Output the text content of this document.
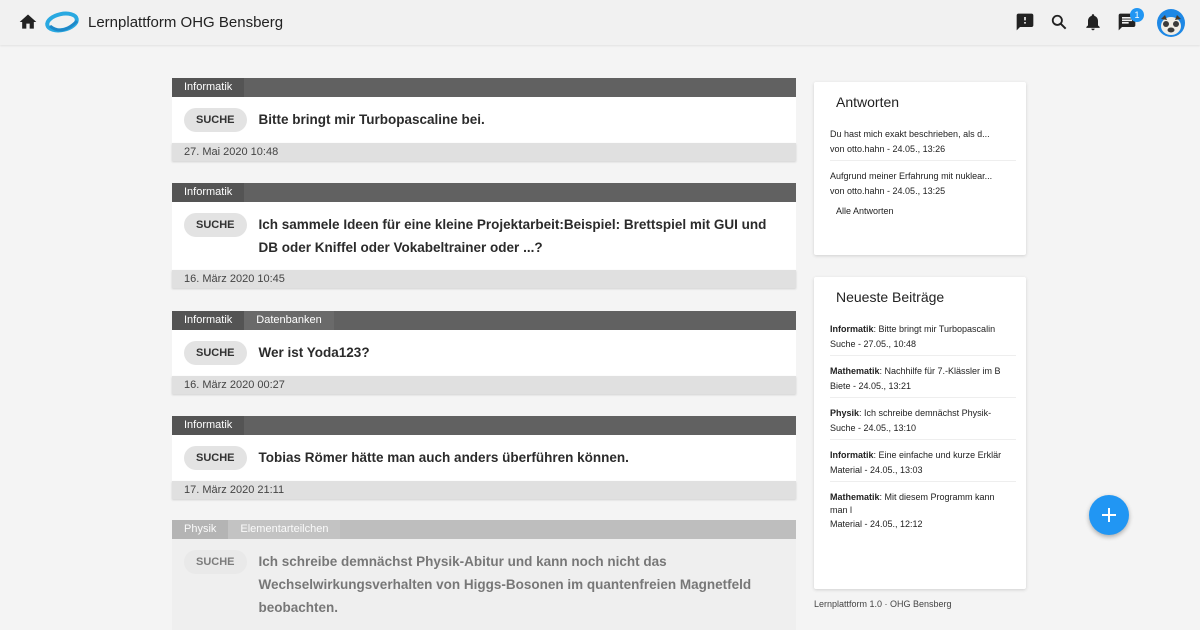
Lernplattform OHG Bensberg	1
Informatik
SUCHE	Bitte bringt mir Turbopascaline bei.
27. Mai 2020 10:48
Informatik
SUCHE	Ich sammele Ideen für eine kleine Projektarbeit:Beispiel: Brettspiel mit GUI und DB oder Kniffel oder Vokabeltrainer oder ...?
16. März 2020 10:45
Informatik	Datenbanken
SUCHE	Wer ist Yoda123?
16. März 2020 00:27
Informatik
SUCHE	Tobias Römer hätte man auch anders überführen können.
17. März 2020 21:11
Physik	Elementarteilchen
SUCHE	Ich schreibe demnächst Physik-Abitur und kann noch nicht das Wechselwirkungsverhalten von Higgs-Bosonen im quantenfreien Magnetfeld beobachten.
Antworten
Du hast mich exakt beschrieben, als d...
von otto.hahn - 24.05., 13:26
Aufgrund meiner Erfahrung mit nuklear...
von otto.hahn - 24.05., 13:25
Alle Antworten
Neueste Beiträge
Informatik: Bitte bringt mir Turbopascalin
Suche - 27.05., 10:48
Mathematik: Nachhilfe für 7.-Klässler im B
Biete - 24.05., 13:21
Physik: Ich schreibe demnächst Physik-
Suche - 24.05., 13:10
Informatik: Eine einfache und kurze Erklär
Material - 24.05., 13:03
Mathematik: Mit diesem Programm kann man l
Material - 24.05., 12:12
Lernplattform 1.0 · OHG Bensberg
